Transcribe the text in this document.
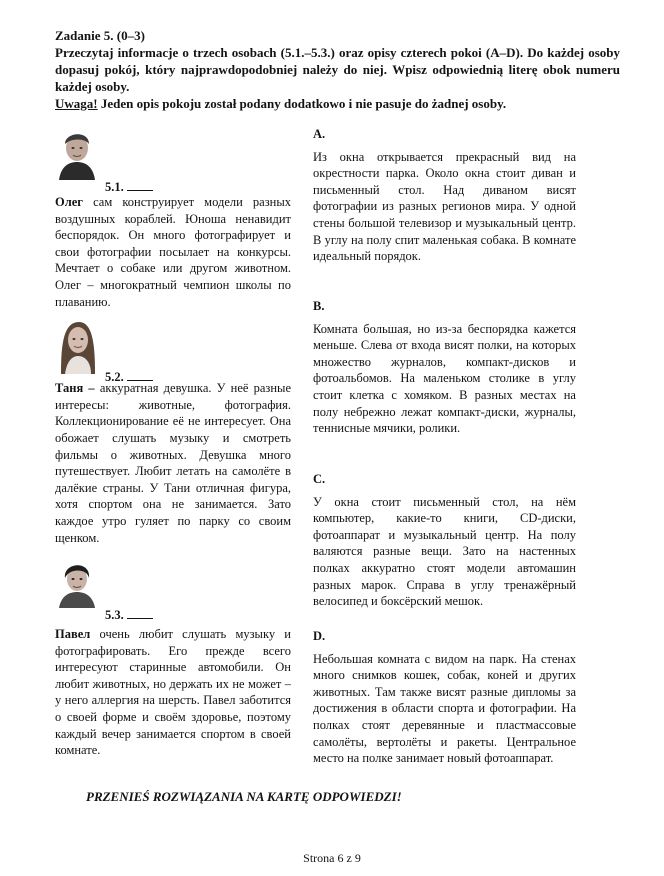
Zadanie 5. (0–3)

Przeczytaj informacje o trzech osobach (5.1.–5.3.) oraz opisy czterech pokoi (A–D). Do każdej osoby dopasuj pokój, który najprawdopodobniej należy do niej. Wpisz odpowiednią literę obok numeru każdej osoby.

Uwaga! Jeden opis pokoju został podany dodatkowo i nie pasuje do żadnej osoby.

5.1.

Олег сам конструирует модели разных воздушных кораблей. Юноша ненавидит беспорядок. Он много фотографирует и свои фотографии посылает на конкурсы. Мечтает о собаке или другом животном. Олег – многократный чемпион школы по плаванию.

5.2.

Таня – аккуратная девушка. У неё разные интересы: животные, фотография. Коллекционирование её не интересует. Она обожает слушать музыку и смотреть фильмы о животных. Девушка много путешествует. Любит летать на самолёте в далёкие страны. У Тани отличная фигура, хотя спортом она не занимается. Зато каждое утро гуляет по парку со своим щенком.

5.3.

Павел очень любит слушать музыку и фотографировать. Его прежде всего интересуют старинные автомобили. Он любит животных, но держать их не может – у него аллергия на шерсть. Павел заботится о своей форме и своём здоровье, поэтому каждый вечер занимается спортом в своей комнате.

A.

Из окна открывается прекрасный вид на окрестности парка. Около окна стоит диван и письменный стол. Над диваном висят фотографии из разных регионов мира. У одной стены большой телевизор и музыкальный центр. В углу на полу спит маленькая собака. В комнате идеальный порядок.

B.

Комната большая, но из-за беспорядка кажется меньше. Слева от входа висят полки, на которых множество журналов, компакт-дисков и фотоальбомов. На маленьком столике в углу стоит клетка с хомяком. В разных местах на полу небрежно лежат компакт-диски, журналы, теннисные мячики, ролики.

C.

У окна стоит письменный стол, на нём компьютер, какие-то книги, CD-диски, фотоаппарат и музыкальный центр. На полу валяются разные вещи. Зато на настенных полках аккуратно стоят модели автомашин разных марок. Справа в углу тренажёрный велосипед и боксёрский мешок.

D.

Небольшая комната с видом на парк. На стенах много снимков кошек, собак, коней и других животных. Там также висят разные дипломы за достижения в области спорта и фотографии. На полках стоят деревянные и пластмассовые самолёты, вертолёты и ракеты. Центральное место на полке занимает новый фотоаппарат.

PRZENIEŚ ROZWIĄZANIA NA KARTĘ ODPOWIEDZI!
Strona 6 z 9
